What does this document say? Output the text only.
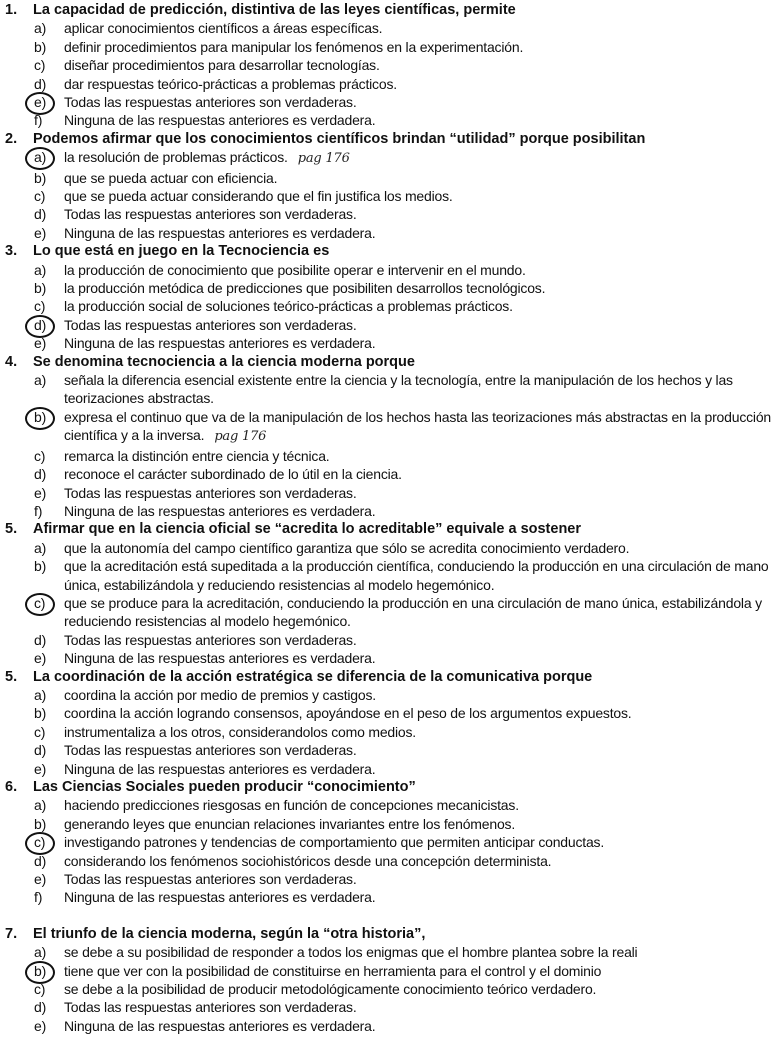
1. La capacidad de predicción, distintiva de las leyes científicas, permite
a) aplicar conocimientos científicos a áreas específicas.
b) definir procedimientos para manipular los fenómenos en la experimentación.
c) diseñar procedimientos para desarrollar tecnologías.
d) dar respuestas teórico-prácticas a problemas prácticos.
e) Todas las respuestas anteriores son verdaderas.
f) Ninguna de las respuestas anteriores es verdadera.
2. Podemos afirmar que los conocimientos científicos brindan “utilidad” porque posibilitan
a) la resolución de problemas prácticos. pag 176
b) que se pueda actuar con eficiencia.
c) que se pueda actuar considerando que el fin justifica los medios.
d) Todas las respuestas anteriores son verdaderas.
e) Ninguna de las respuestas anteriores es verdadera.
3. Lo que está en juego en la Tecnociencia es
a) la producción de conocimiento que posibilite operar e intervenir en el mundo.
b) la producción metódica de predicciones que posibiliten desarrollos tecnológicos.
c) la producción social de soluciones teórico-prácticas a problemas prácticos.
d) Todas las respuestas anteriores son verdaderas.
e) Ninguna de las respuestas anteriores es verdadera.
4. Se denomina tecnociencia a la ciencia moderna porque
a) señala la diferencia esencial existente entre la ciencia y la tecnología, entre la manipulación de los hechos y las teorizaciones abstractas.
b) expresa el continuo que va de la manipulación de los hechos hasta las teorizaciones más abstractas en la producción científica y a la inversa. pag 176
c) remarca la distinción entre ciencia y técnica.
d) reconoce el carácter subordinado de lo útil en la ciencia.
e) Todas las respuestas anteriores son verdaderas.
f) Ninguna de las respuestas anteriores es verdadera.
5. Afirmar que en la ciencia oficial se “acredita lo acreditable” equivale a sostener
a) que la autonomía del campo científico garantiza que sólo se acredita conocimiento verdadero.
b) que la acreditación está supeditada a la producción científica, conduciendo la producción en una circulación de mano única, estabilizándola y reduciendo resistencias al modelo hegemónico.
c) que se produce para la acreditación, conduciendo la producción en una circulación de mano única, estabilizándola y reduciendo resistencias al modelo hegemónico.
d) Todas las respuestas anteriores son verdaderas.
e) Ninguna de las respuestas anteriores es verdadera.
5. La coordinación de la acción estratégica se diferencia de la comunicativa porque
a) coordina la acción por medio de premios y castigos.
b) coordina la acción logrando consensos, apoyándose en el peso de los argumentos expuestos.
c) instrumentaliza a los otros, considerandolos como medios.
d) Todas las respuestas anteriores son verdaderas.
e) Ninguna de las respuestas anteriores es verdadera.
6. Las Ciencias Sociales pueden producir “conocimiento”
a) haciendo predicciones riesgosas en función de concepciones mecanicistas.
b) generando leyes que enuncian relaciones invariantes entre los fenómenos.
c) investigando patrones y tendencias de comportamiento que permiten anticipar conductas.
d) considerando los fenómenos sociohistóricos desde una concepción determinista.
e) Todas las respuestas anteriores son verdaderas.
f) Ninguna de las respuestas anteriores es verdadera.
7. El triunfo de la ciencia moderna, según la “otra historia”,
a) se debe a su posibilidad de responder a todos los enigmas que el hombre plantea sobre la reali
b) tiene que ver con la posibilidad de constituirse en herramienta para el control y el dominio
c) se debe a la posibilidad de producir metodológicamente conocimiento teórico verdadero.
d) Todas las respuestas anteriores son verdaderas.
e) Ninguna de las respuestas anteriores es verdadera.
